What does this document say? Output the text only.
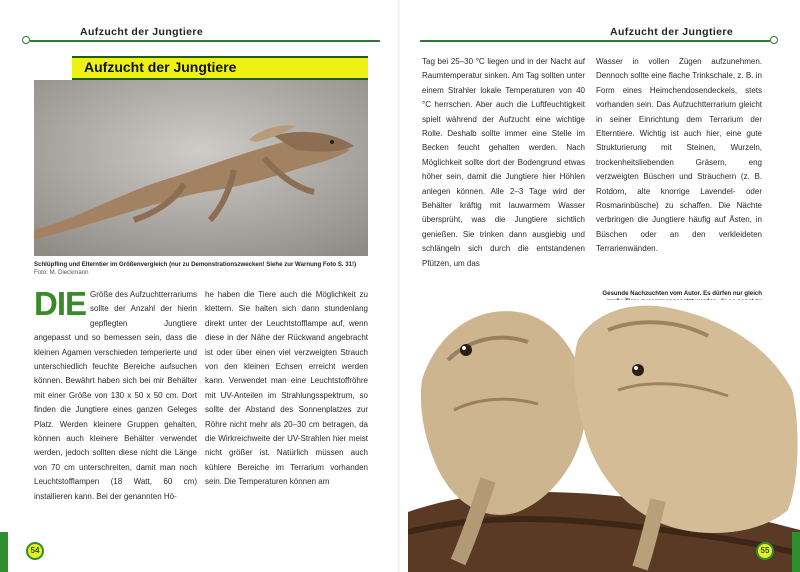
Aufzucht der Jungtiere
Aufzucht der Jungtiere
Schlüpfling und Elterntier im Größenvergleich (nur zu Demonstrationszwecken! Siehe zur Warnung Foto S. 31!) Foto: M. Dieckmann
DIE Größe des Aufzuchtterrariums sollte der Anzahl der hierin gepflegten Jungtiere angepasst und so bemessen sein, dass die kleinen Agamen verschieden temperierte und unterschiedlich feuchte Bereiche aufsuchen können. Bewährt haben sich bei mir Behälter mit einer Größe von 130 x 50 x 50 cm. Dort finden die Jungtiere eines ganzen Geleges Platz. Werden kleinere Gruppen gehalten, können auch kleinere Behälter verwendet werden, jedoch sollten diese nicht die Länge von 70 cm unterschreiten, damit man noch Leuchtstofflampen (18 Watt, 60 cm) installieren kann. Bei der genannten Hö-
he haben die Tiere auch die Möglichkeit zu klettern. Sie halten sich dann stundenlang direkt unter der Leuchtstofflampe auf, wenn diese in der Nähe der Rückwand angebracht ist oder über einen viel verzweigten Strauch von den kleinen Echsen erreicht werden kann. Verwendet man eine Leuchtstoffröhre mit UV-Anteilen im Strahlungsspektrum, so sollte der Abstand des Sonnenplatzes zur Röhre nicht mehr als 20–30 cm betragen, da die Wirkreichweite der UV-Strahlen hier meist nicht größer ist. Natürlich müssen auch kühlere Bereiche im Terrarium vorhanden sein. Die Temperaturen können am
54
Aufzucht der Jungtiere
Tag bei 25–30 °C liegen und in der Nacht auf Raumtemperatur sinken. Am Tag sollten unter einem Strahler lokale Temperaturen von 40 °C herrschen. Aber auch die Luftfeuchtigkeit spielt während der Aufzucht eine wichtige Rolle. Deshalb sollte immer eine Stelle im Becken feucht gehalten werden. Nach Möglichkeit sollte dort der Bodengrund etwas höher sein, damit die Jungtiere hier Höhlen anlegen können. Alle 2–3 Tage wird der Behälter kräftig mit lauwarmem Wasser übersprüht, was die Jungtiere sichtlich genießen. Sie trinken dann ausgiebig und schlängeln sich durch die entstandenen Pfützen, um das
Wasser in vollen Zügen aufzunehmen. Dennoch sollte eine flache Trinkschale, z. B. in Form eines Heimchendosendeckels, stets vorhanden sein. Das Aufzuchtterrarium gleicht in seiner Einrichtung dem Terrarium der Elterntiere. Wichtig ist auch hier, eine gute Strukturierung mit Steinen, Wurzeln, trockenheitsliebenden Gräsern, eng verzweigten Büschen und Sträuchern (z. B. Rotdorn, alte knorrige Lavendel- oder Rosmarinbüsche) zu schaffen. Die Nächte verbringen die Jungtiere häufig auf Ästen, in Büschen oder an den verkleideten Terrarienwänden.
Gesunde Nachzuchten vom Autor. Es dürfen nur gleich
55
